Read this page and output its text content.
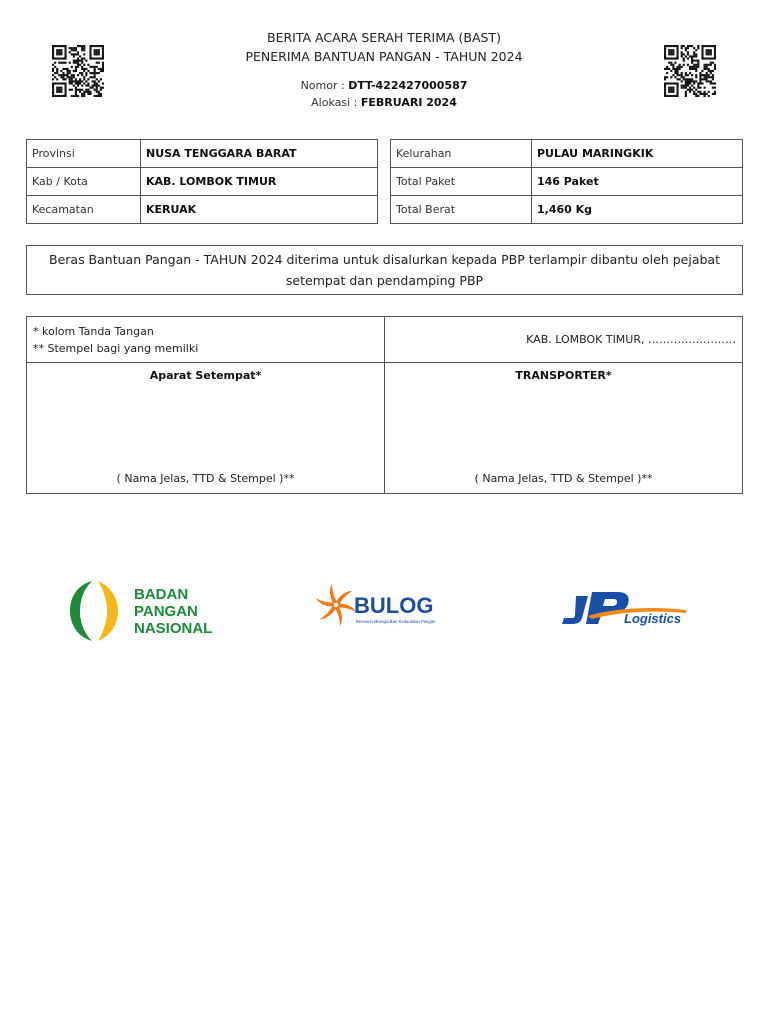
BERITA ACARA SERAH TERIMA (BAST)
PENERIMA BANTUAN PANGAN - TAHUN 2024
Nomor : DTT-422427000587
Alokasi : FEBRUARI 2024
Provinsi	NUSA TENGGARA BARAT
Kab / Kota	KAB. LOMBOK TIMUR
Kecamatan	KERUAK
Kelurahan	PULAU MARINGKIK
Total Paket	146 Paket
Total Berat	1,460 Kg
Beras Bantuan Pangan - TAHUN 2024 diterima untuk disalurkan kepada PBP terlampir dibantu oleh pejabat
setempat dan pendamping PBP
* kolom Tanda Tangan
** Stempel bagi yang memilki
KAB. LOMBOK TIMUR, ……………………
Aparat Setempat*	TRANSPORTER*
( Nama Jelas, TTD & Stempel )**	( Nama Jelas, TTD & Stempel )**
BADAN
PANGAN
NASIONAL
BULOG
Bersama Mewujudkan Kedaulatan Pangan	Logistics
